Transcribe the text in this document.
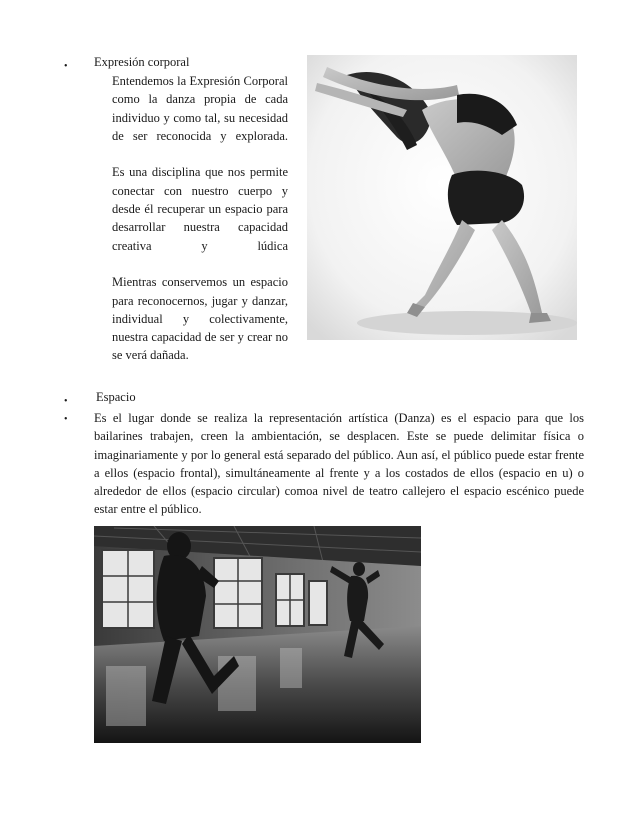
• Expresión corporal

Entendemos la Expresión Corporal como la danza propia de cada individuo y como tal, su necesidad de ser reconocida y explorada.

Es una disciplina que nos permite conectar con nuestro cuerpo y desde él recuperar un espacio para desarrollar nuestra capacidad creativa y lúdica

Mientras conservemos un espacio para reconocernos, jugar y danzar, individual y colectivamente, nuestra capacidad de ser y crear no se verá dañada.

• Espacio
• Es el lugar donde se realiza la representación artística (Danza) es el espacio para que los bailarines trabajen, creen la ambientación, se desplacen. Este se puede delimitar física o imaginariamente y por lo general está separado del público. Aun así, el público puede estar frente a ellos (espacio frontal), simultáneamente al frente y a los costados de ellos (espacio en u) o alrededor de ellos (espacio circular) comoa nivel de teatro callejero el espacio escénico puede estar entre el público.
